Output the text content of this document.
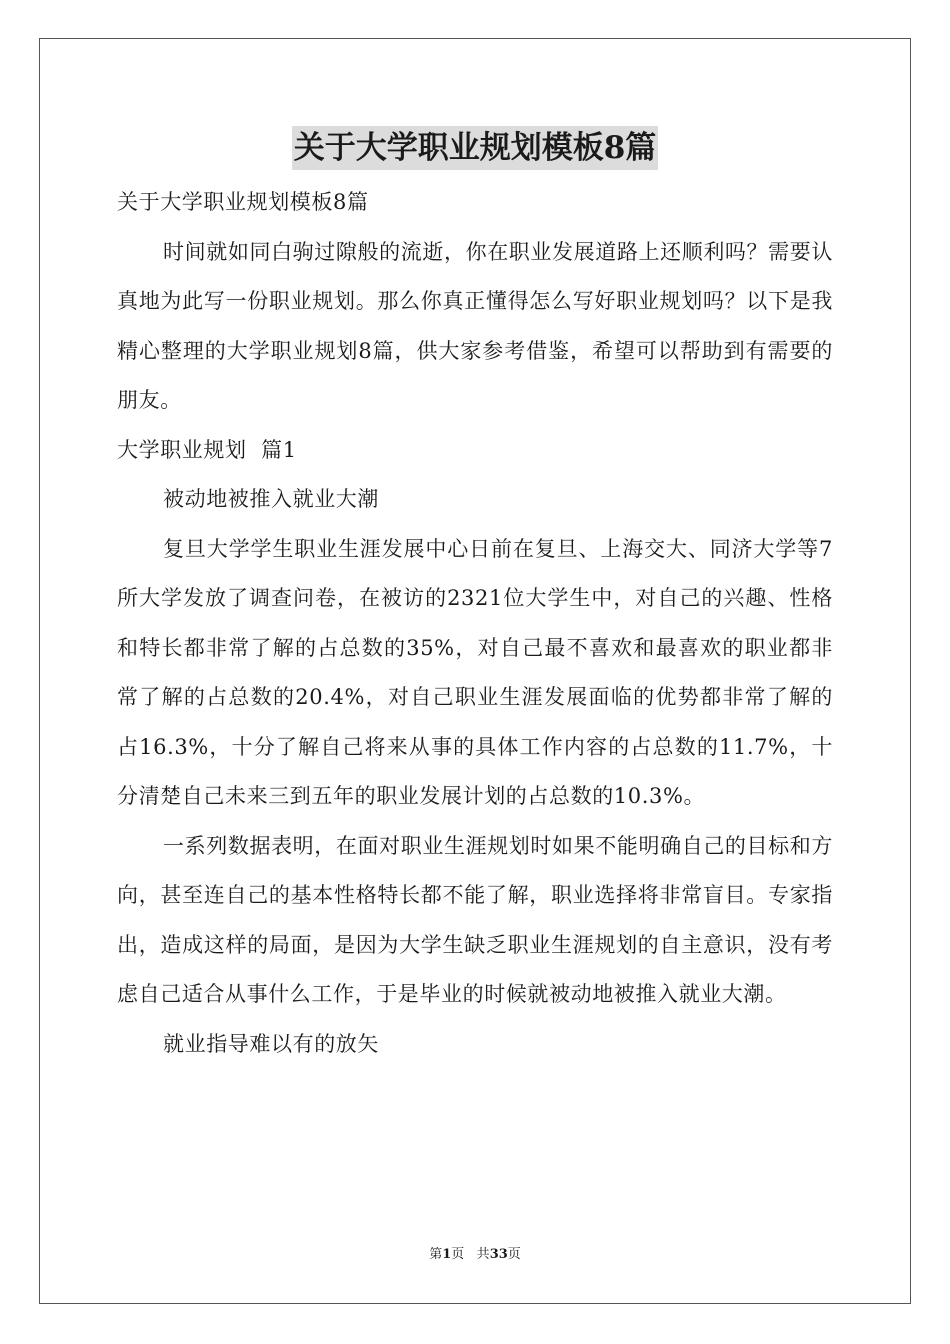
关于大学职业规划模板8篇

关于大学职业规划模板8篇

时间就如同白驹过隙般的流逝，你在职业发展道路上还顺利吗？需要认真地为此写一份职业规划。那么你真正懂得怎么写好职业规划吗？以下是我精心整理的大学职业规划8篇，供大家参考借鉴，希望可以帮助到有需要的朋友。

大学职业规划  篇1

被动地被推入就业大潮

复旦大学学生职业生涯发展中心日前在复旦、上海交大、同济大学等7所大学发放了调查问卷，在被访的2321位大学生中，对自己的兴趣、性格和特长都非常了解的占总数的35%，对自己最不喜欢和最喜欢的职业都非常了解的占总数的20.4%，对自己职业生涯发展面临的优势都非常了解的占16.3%，十分了解自己将来从事的具体工作内容的占总数的11.7%，十分清楚自己未来三到五年的职业发展计划的占总数的10.3%。

一系列数据表明，在面对职业生涯规划时如果不能明确自己的目标和方向，甚至连自己的基本性格特长都不能了解，职业选择将非常盲目。专家指出，造成这样的局面，是因为大学生缺乏职业生涯规划的自主意识，没有考虑自己适合从事什么工作，于是毕业的时候就被动地被推入就业大潮。

就业指导难以有的放矢

第1页 共33页
